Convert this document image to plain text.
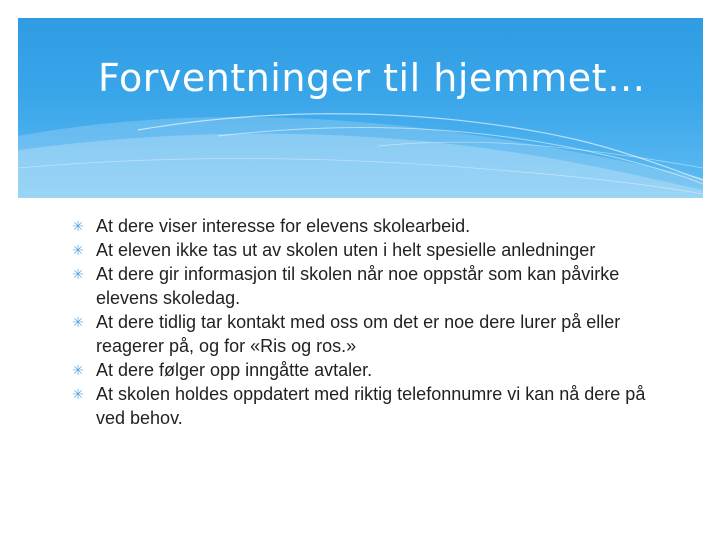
Forventninger til hjemmet…
✳ At dere viser interesse for elevens skolearbeid.
✳ At eleven ikke tas ut av skolen uten i helt spesielle anledninger
✳ At dere gir informasjon til skolen når noe oppstår som kan påvirke elevens skoledag.
✳ At dere tidlig tar kontakt med oss om det er noe dere lurer på eller reagerer på, og for «Ris og ros.»
✳ At dere følger opp inngåtte avtaler.
✳ At skolen holdes oppdatert med riktig telefonnumre vi kan nå dere på ved behov.
